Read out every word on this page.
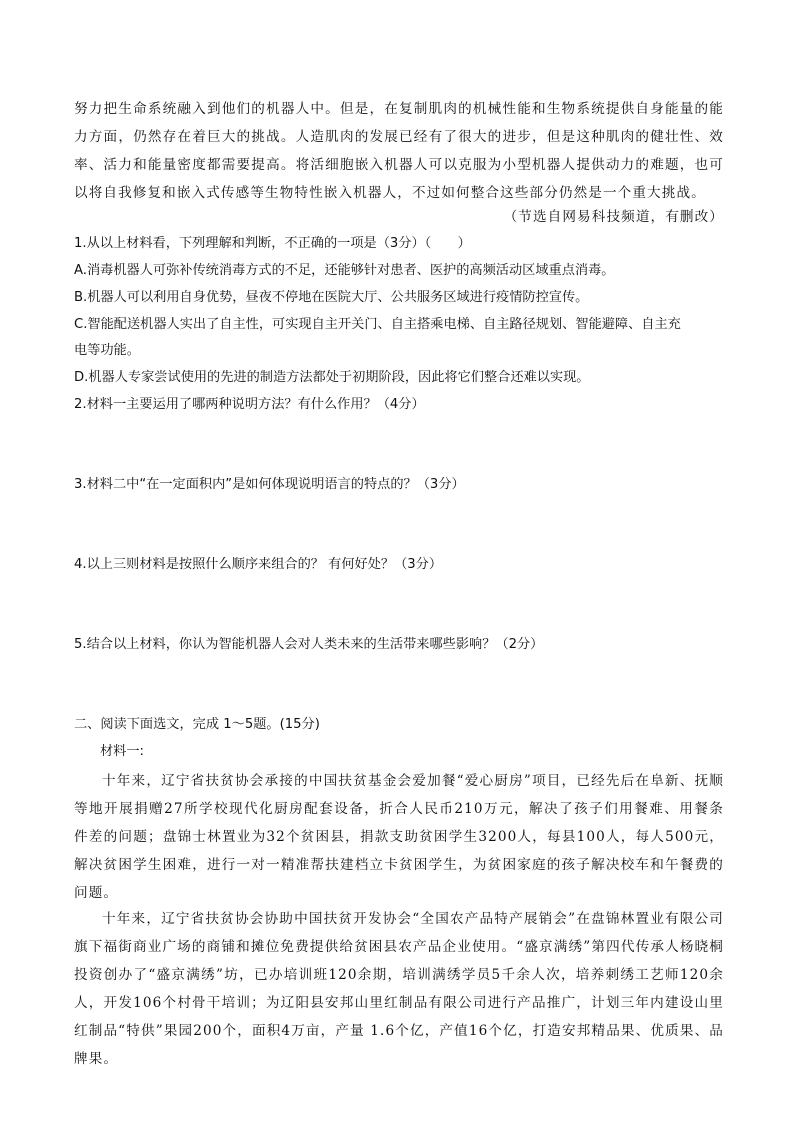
努力把生命系统融入到他们的机器人中。但是，在复制肌肉的机械性能和生物系统提供自身能量的能力方面，仍然存在着巨大的挑战。人造肌肉的发展已经有了很大的进步，但是这种肌肉的健壮性、效率、活力和能量密度都需要提高。将活细胞嵌入机器人可以克服为小型机器人提供动力的难题，也可以将自我修复和嵌入式传感等生物特性嵌入机器人，不过如何整合这些部分仍然是一个重大挑战。

（节选自网易科技频道，有删改）
1.从以上材料看，下列理解和判断，不正确的一项是（3分）（　　）
A.消毒机器人可弥补传统消毒方式的不足，还能够针对患者、医护的高频活动区域重点消毒。
B.机器人可以利用自身优势，昼夜不停地在医院大厅、公共服务区域进行疫情防控宣传。
C.智能配送机器人实出了自主性，可实现自主开关门、自主搭乘电梯、自主路径规划、智能避障、自主充
电等功能。
D.机器人专家尝试使用的先进的制造方法都处于初期阶段，因此将它们整合还难以实现。
2.材料一主要运用了哪两种说明方法？有什么作用？（4分）
3.材料二中“在一定面积内”是如何体现说明语言的特点的？（3分）
4.以上三则材料是按照什么顺序来组合的？ 有何好处？（3分）
5.结合以上材料，你认为智能机器人会对人类未来的生活带来哪些影响？（2分）
二、阅读下面选文，完成 1～5题。(15分)
材料一:

十年来，辽宁省扶贫协会承接的中国扶贫基金会爱加餐“爱心厨房”项目，已经先后在阜新、抚顺等地开展捐赠27所学校现代化厨房配套设备，折合人民币210万元，解决了孩子们用餐难、用餐条件差的问题；盘锦士林置业为32个贫困县，捐款支助贫困学生3200人，每县100人，每人500元，解决贫困学生困难，进行一对一精准帮扶建档立卡贫困学生，为贫困家庭的孩子解决校车和午餐费的问题。

十年来，辽宁省扶贫协会协助中国扶贫开发协会“全国农产品特产展销会”在盘锦林置业有限公司旗下福街商业广场的商铺和摊位免费提供给贫困县农产品企业使用。“盛京满绣”第四代传承人杨晓桐投资创办了“盛京满绣”坊，已办培训班120余期，培训满绣学员5千余人次，培养刺绣工艺师120余人，开发106个村骨干培训；为辽阳县安邦山里红制品有限公司进行产品推广，计划三年内建设山里红制品“特供”果园200个，面积4万亩，产量 1.6个亿，产值16个亿，打造安邦精品果、优质果、品牌果。
